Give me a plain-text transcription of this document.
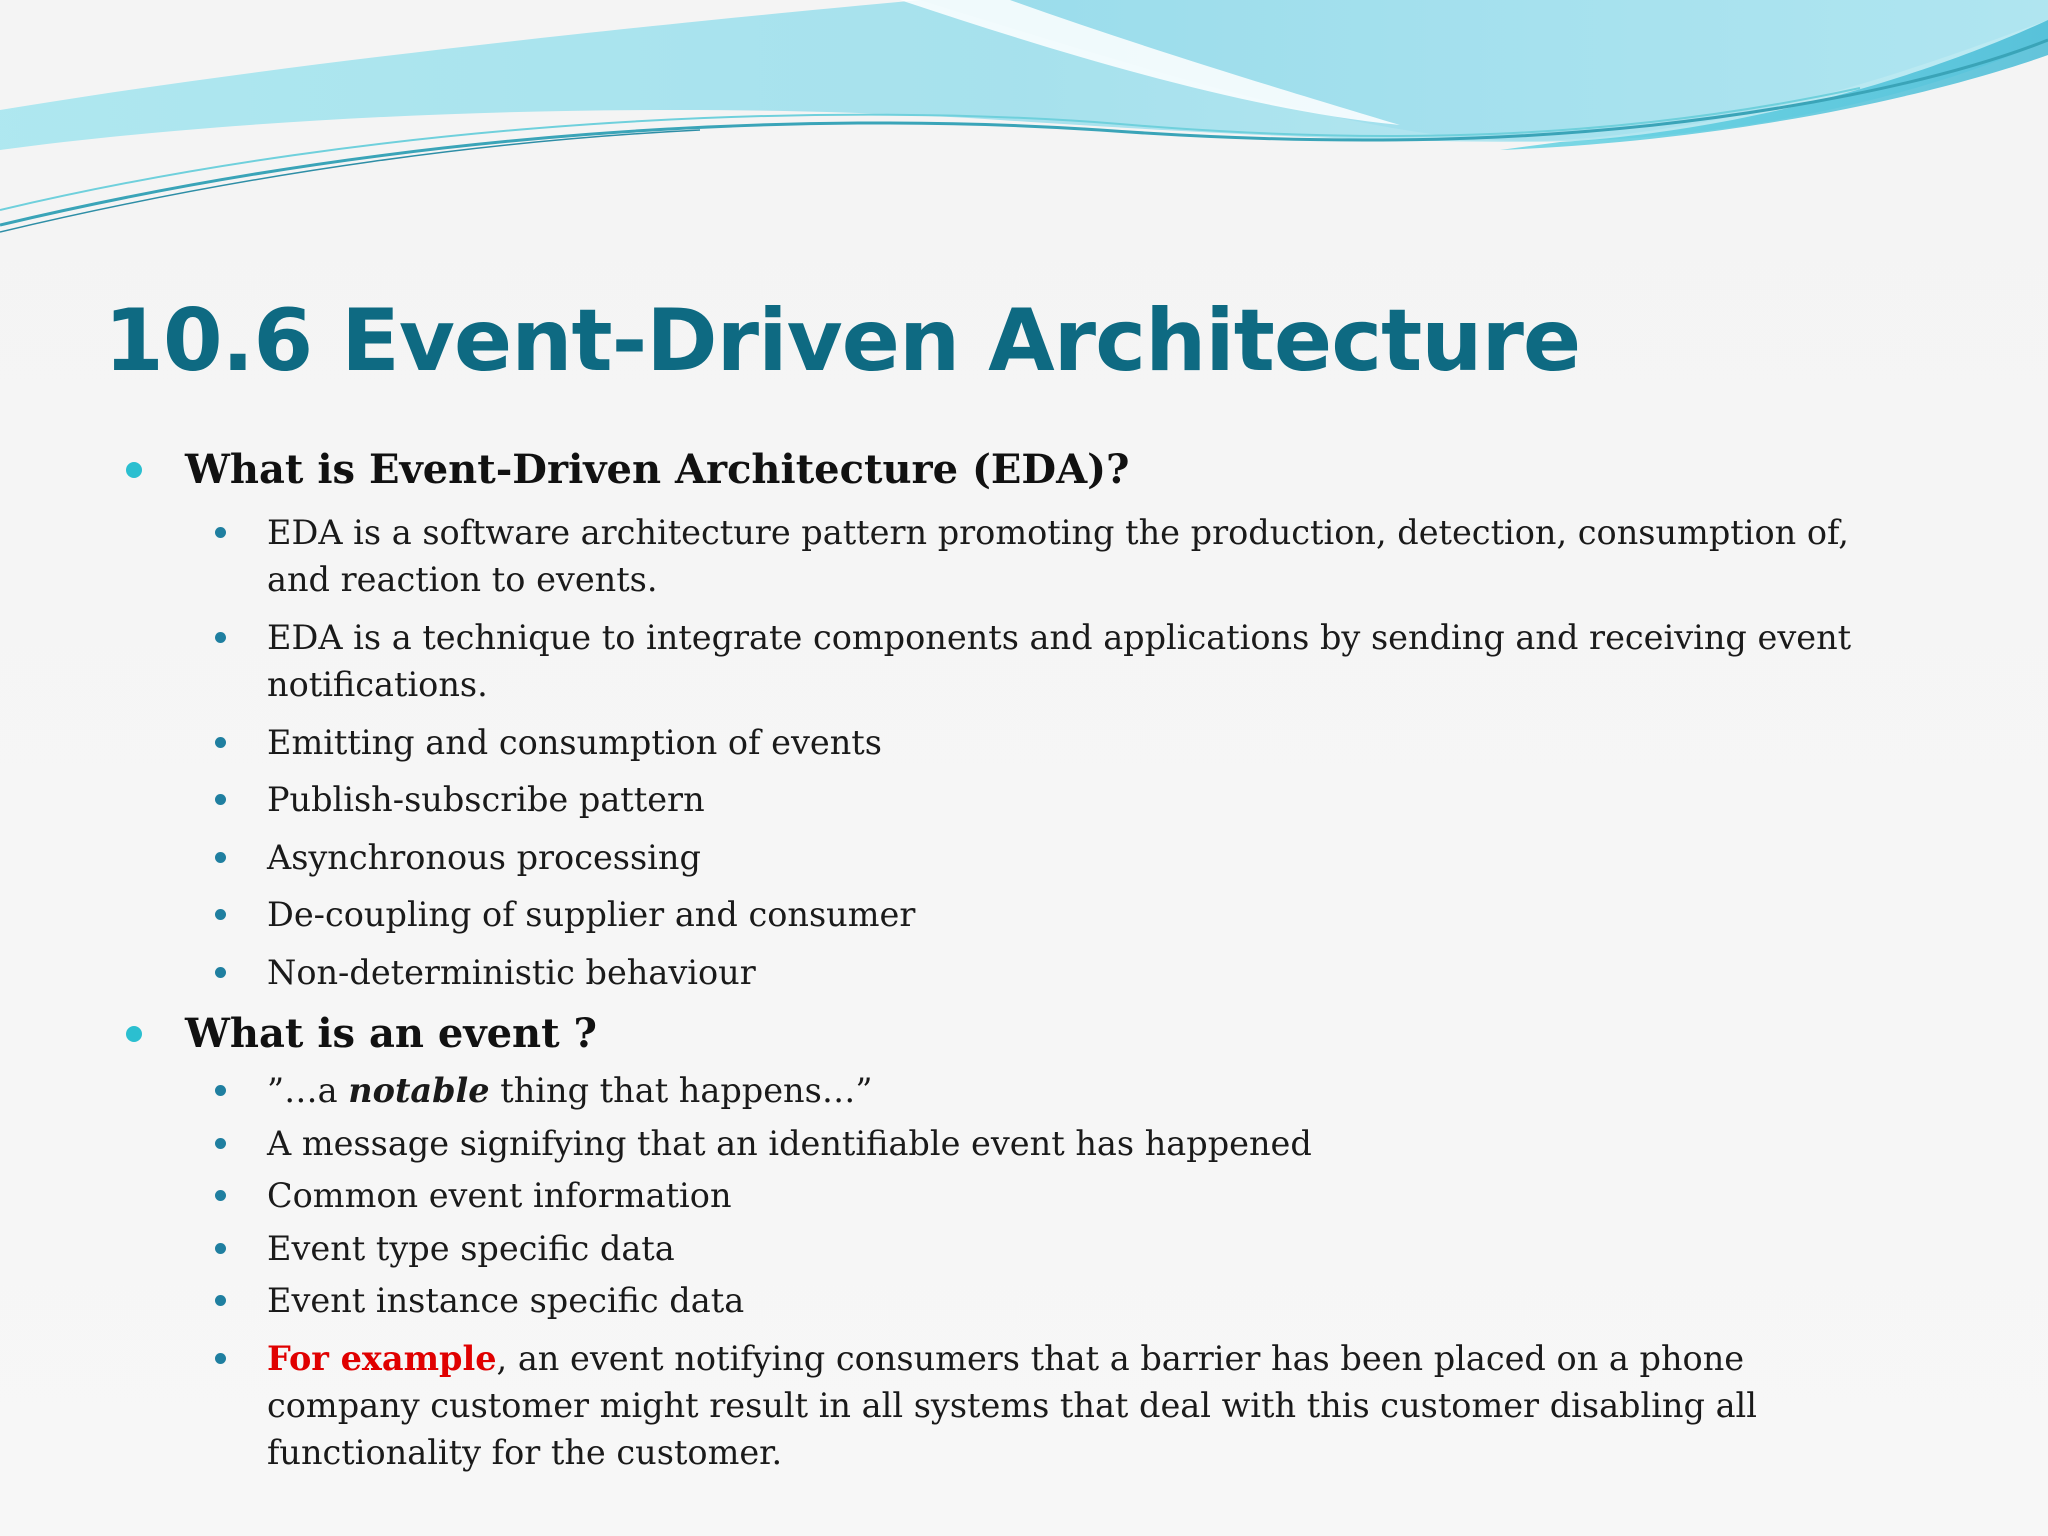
10.6 Event-Driven Architecture
What is Event-Driven Architecture (EDA)?
EDA is a software architecture pattern promoting the production, detection, consumption of, and reaction to events.
EDA is a technique to integrate components and applications by sending and receiving event notifications.
Emitting and consumption of events
Publish-subscribe pattern
Asynchronous processing
De-coupling of supplier and consumer
Non-deterministic behaviour
What is an event ?
”…a notable thing that happens…”
A message signifying that an identifiable event has happened
Common event information
Event type specific data
Event instance specific data
For example, an event notifying consumers that a barrier has been placed on a phone company customer might result in all systems that deal with this customer disabling all functionality for the customer.
